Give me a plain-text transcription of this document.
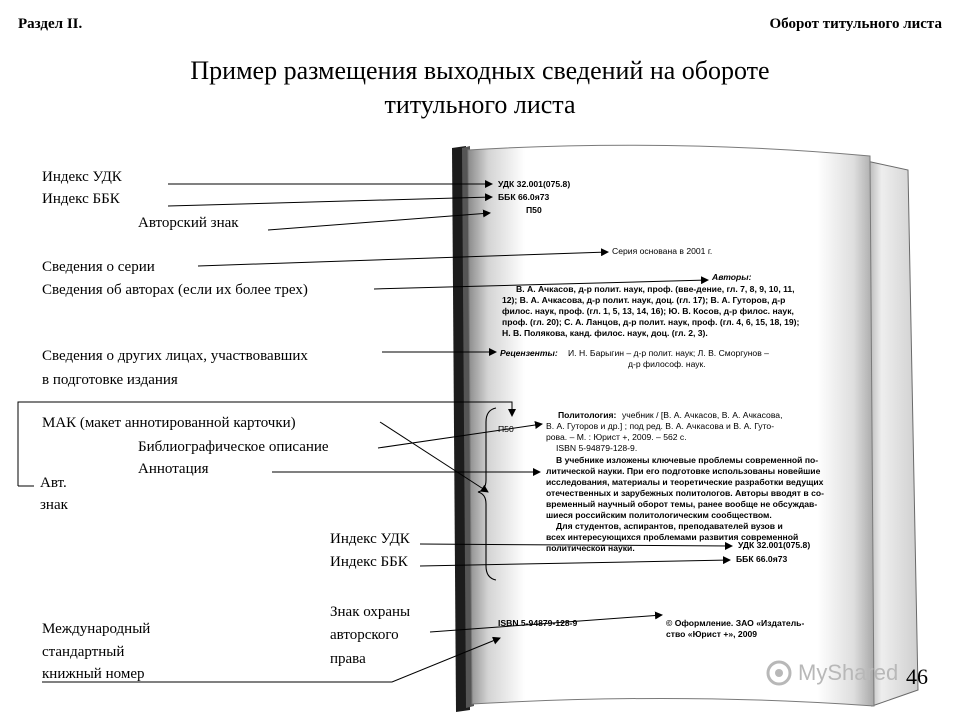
Раздел II.	Оборот титульного листа
Пример размещения выходных сведений на обороте
титульного листа
Индекс УДК
Индекс ББК
Авторский знак
Сведения о серии
Сведения об авторах (если их более трех)
Сведения о других лицах, участвовавших
в подготовке издания
МАК (макет аннотированной карточки)
Библиографическое описание
Аннотация
Авт.
знак
Индекс УДК
Индекс ББК
Знак охраны
авторского
права
Международный
стандартный
книжный номер
УДК 32.001(075.8)
ББК 66.0я73
П50
Серия основана в 2001 г.
Авторы:
В. А. Ачкасов, д-р полит. наук, проф. (вве-дение, гл. 7, 8, 9, 10, 11,
12); В. А. Ачкасова, д-р полит. наук, доц. (гл. 17); В. А. Гуторов, д-р
филос. наук, проф. (гл. 1, 5, 13, 14, 16); Ю. В. Косов, д-р филос. наук,
проф. (гл. 20); С. А. Ланцов, д-р полит. наук, проф. (гл. 4, 6, 15, 18, 19);
Н. В. Полякова, канд. филос. наук, доц. (гл. 2, 3).
Рецензенты: И. Н. Барыгин – д-р полит. наук; Л. В. Сморгунов –
д-р философ. наук.
П50
Политология: учебник / [В. А. Ачкасов, В. А. Ачкасова,
В. А. Гуторов и др.] ; под ред. В. А. Ачкасова и В. А. Гуто-
рова. – М. : Юрист +, 2009. – 562 с.
ISBN 5-94879-128-9.
В учебнике изложены ключевые проблемы современной по-
литической науки. При его подготовке использованы новейшие
исследования, материалы и теоретические разработки ведущих
отечественных и зарубежных политологов. Авторы вводят в со-
временный научный оборот темы, ранее вообще не обсуждав-
шиеся российским политологическим сообществом.
Для студентов, аспирантов, преподавателей вузов и
всех интересующихся проблемами развития современной
политической науки.	УДК 32.001(075.8)
ББК 66.0я73
ISBN 5-94879-128-9	© Оформление. ЗАО «Издатель-
ство «Юрист +», 2009
MyShared 46
